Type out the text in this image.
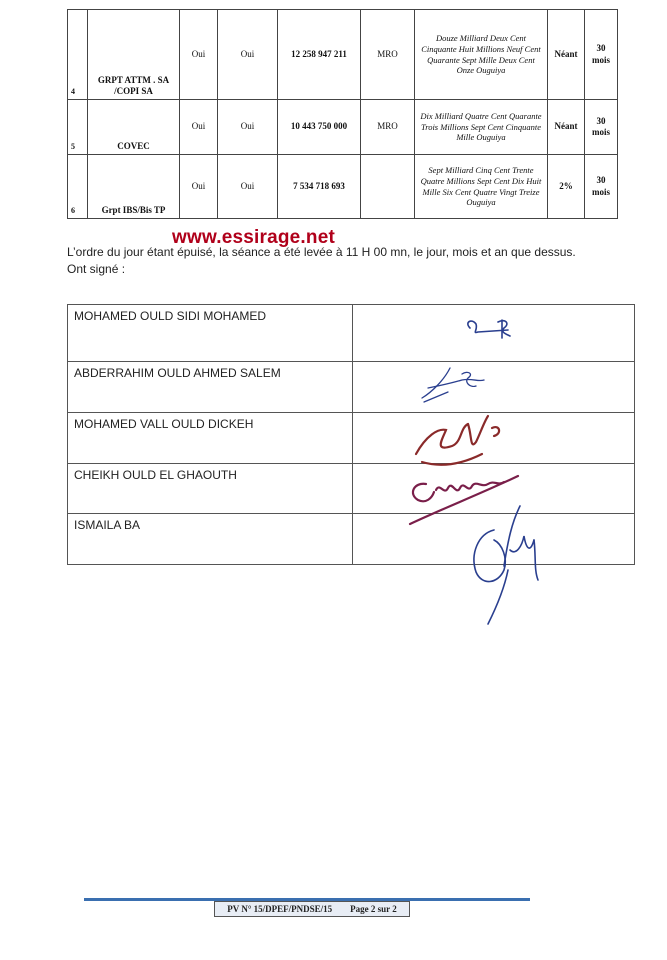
4	GRPT ATTM . SA /COPI SA	Oui	Oui	12 258 947 211	MRO	Douze Milliard Deux Cent Cinquante Huit Millions Neuf Cent Quarante Sept Mille Deux Cent Onze Ouguiya	Néant	30 mois
5	COVEC	Oui	Oui	10 443 750 000	MRO	Dix Milliard Quatre Cent Quarante Trois Millions Sept Cent Cinquante Mille Ouguiya	Néant	30 mois
6	Grpt IBS/Bis TP	Oui	Oui	7 534 718 693		Sept Milliard Cinq Cent Trente Quatre Millions Sept Cent Dix Huit Mille Six Cent Quatre Vingt Treize Ouguiya	2%	30 mois
www.essirage.net

L’ordre du jour étant épuisé, la séance a été levée à 11 H 00 mn, le jour, mois et an que dessus.

Ont signé :

MOHAMED OULD SIDI MOHAMED	
ABDERRAHIM OULD AHMED SALEM	
MOHAMED VALL OULD DICKEH	
CHEIKH OULD EL GHAOUTH	
ISMAILA BA	
PV N° 15/DPEF/PNDSE/15 Page 2 sur 2
